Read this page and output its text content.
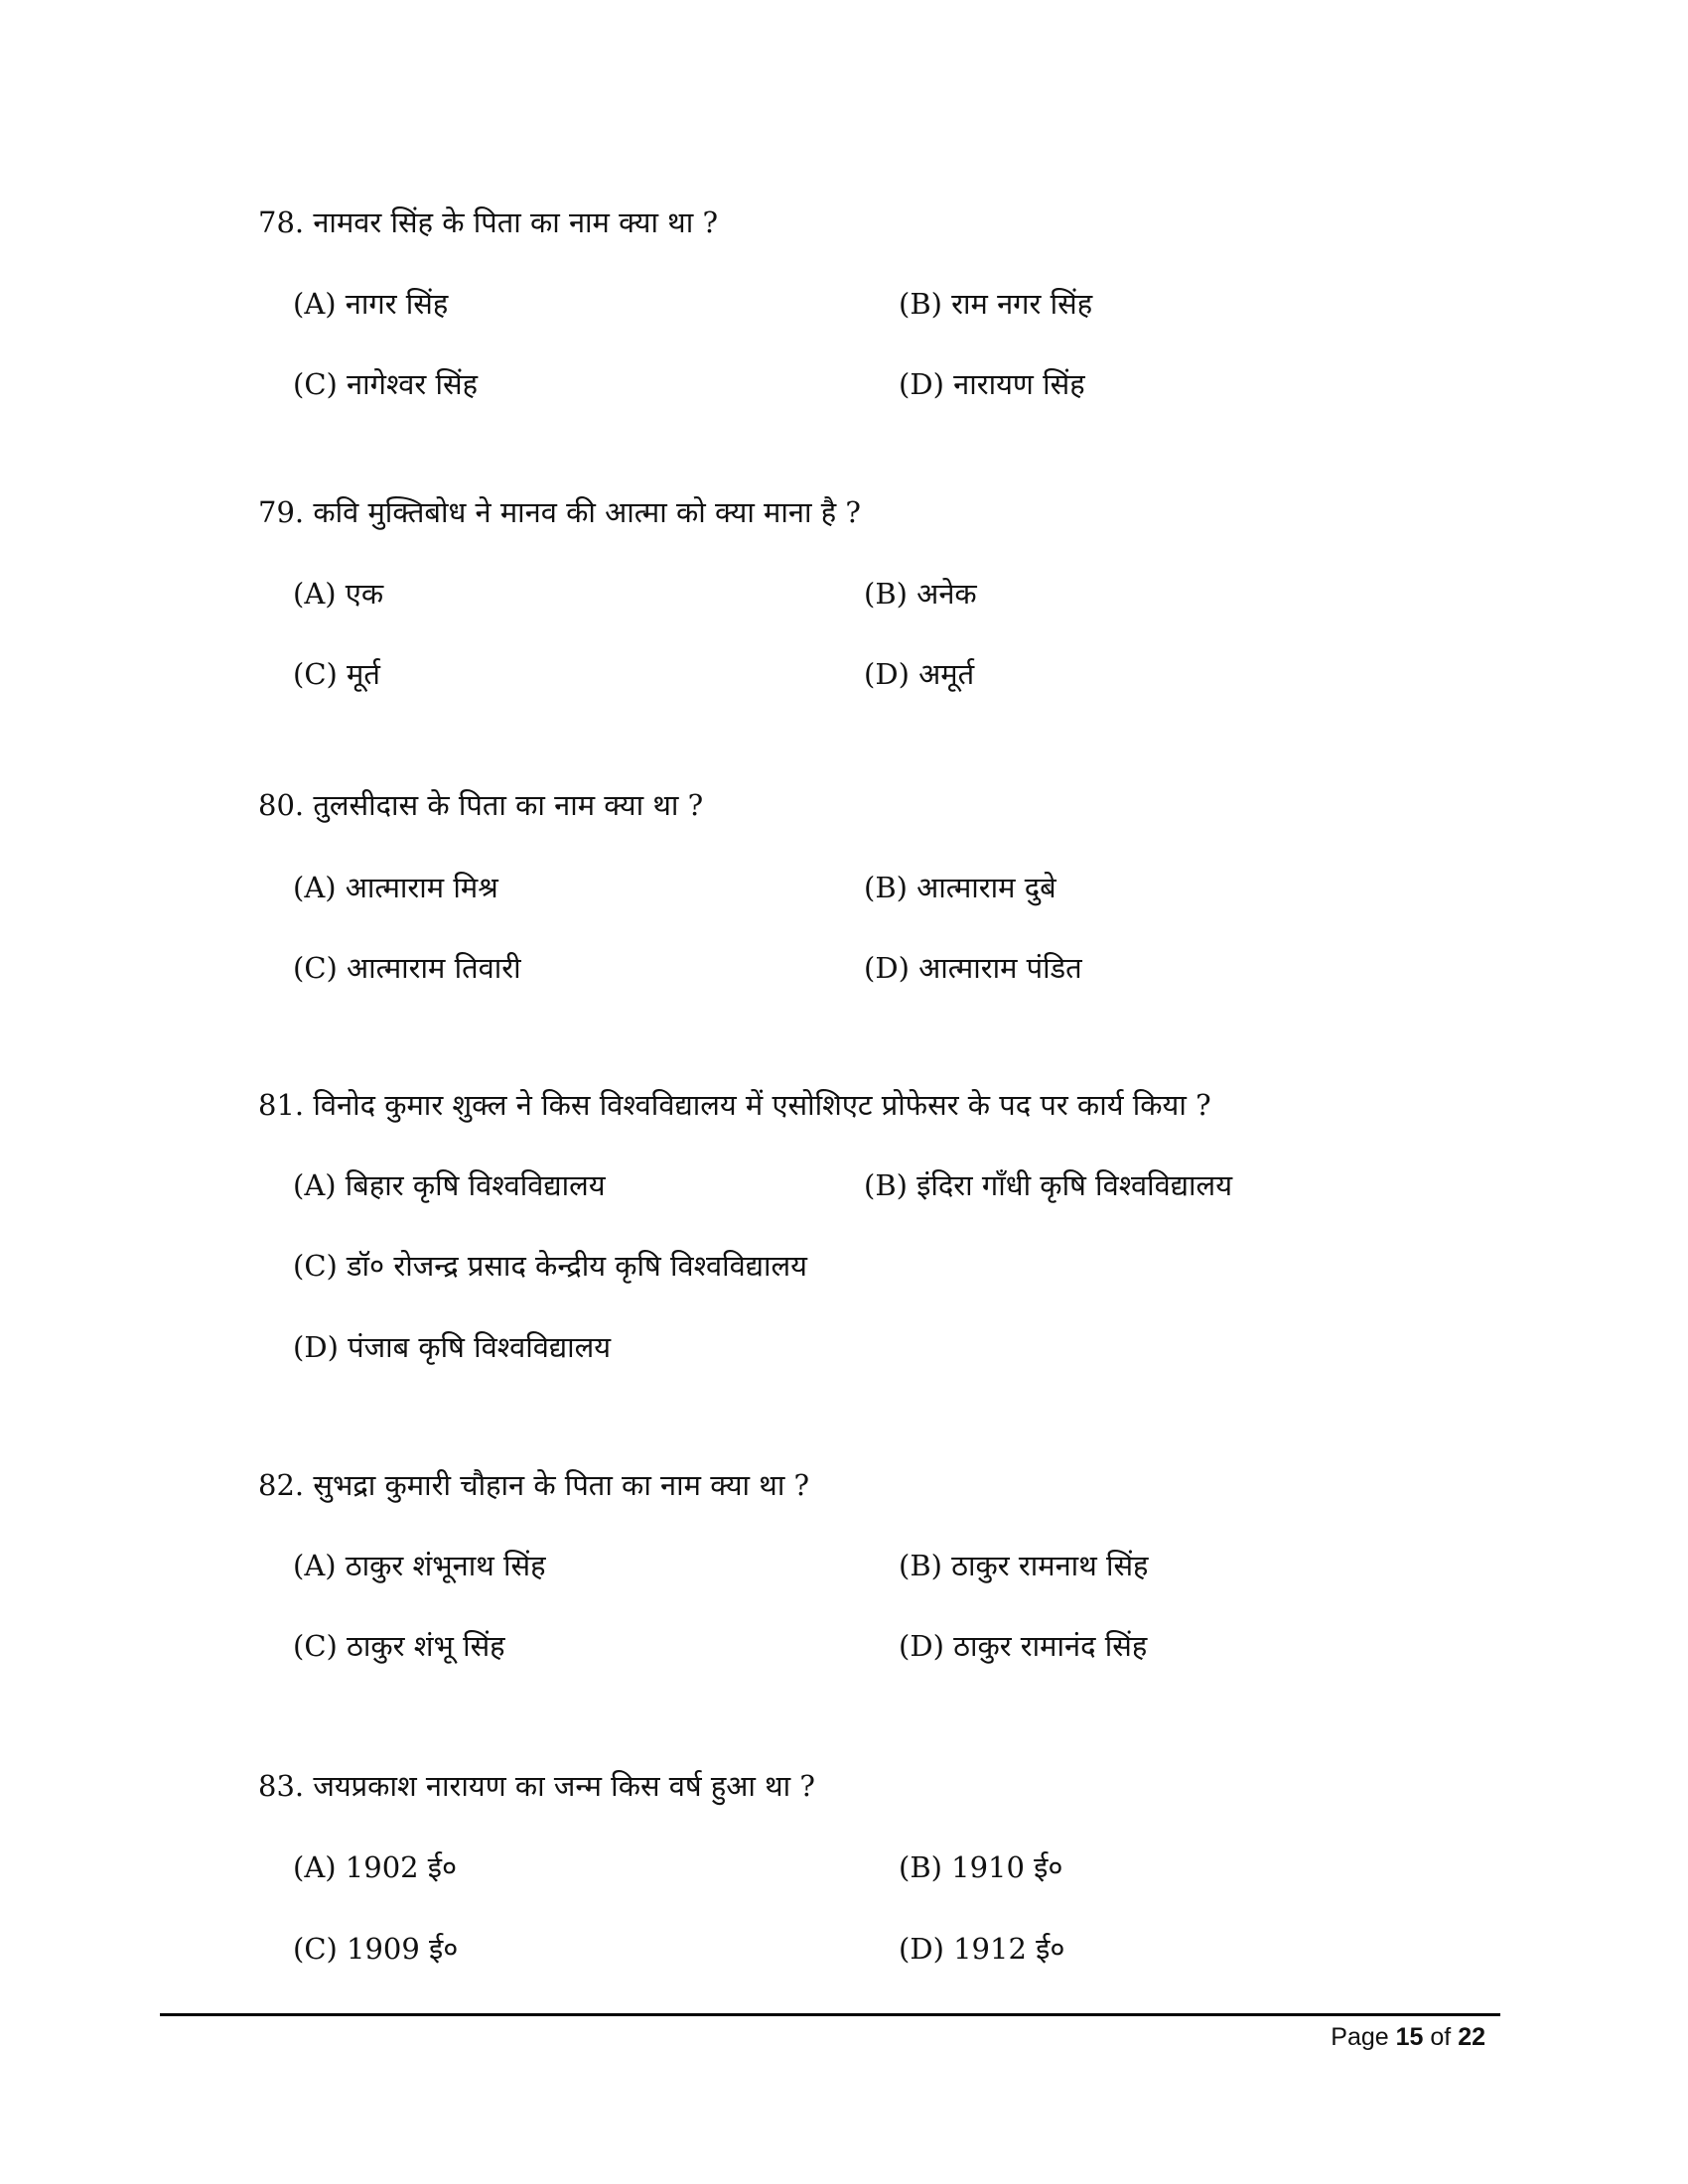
78. नामवर सिंह के पिता का नाम क्या था ?
(A) नागर सिंह	(B) राम नगर सिंह
(C) नागेश्वर सिंह	(D) नारायण सिंह
79. कवि मुक्तिबोध ने मानव की आत्मा को क्या माना है ?
(A) एक	(B) अनेक
(C) मूर्त	(D) अमूर्त
80. तुलसीदास के पिता का नाम क्या था ?
(A) आत्माराम मिश्र	(B) आत्माराम दुबे
(C) आत्माराम तिवारी	(D) आत्माराम पंडित
81. विनोद कुमार शुक्ल ने किस विश्वविद्यालय में एसोशिएट प्रोफेसर के पद पर कार्य किया ?
(A) बिहार कृषि विश्वविद्यालय	(B) इंदिरा गाँधी कृषि विश्वविद्यालय
(C) डॉ० रोजन्द्र प्रसाद केन्द्रीय कृषि विश्वविद्यालय
(D) पंजाब कृषि विश्वविद्यालय
82. सुभद्रा कुमारी चौहान के पिता का नाम क्या था ?
(A) ठाकुर शंभूनाथ सिंह	(B) ठाकुर रामनाथ सिंह
(C) ठाकुर शंभू सिंह	(D) ठाकुर रामानंद सिंह
83. जयप्रकाश नारायण का जन्म किस वर्ष हुआ था ?
(A) 1902 ई०	(B) 1910 ई०
(C) 1909 ई०	(D) 1912 ई०
Page 15 of 22
